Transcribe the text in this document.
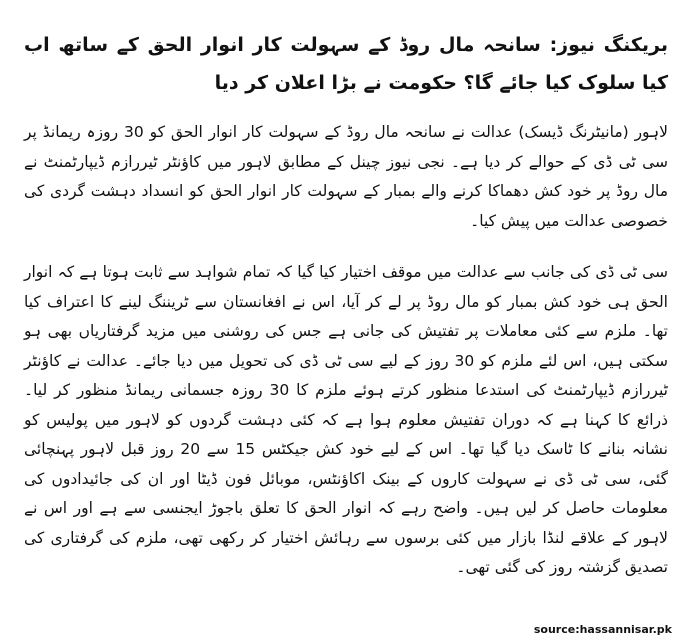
بریکنگ نیوز: سانحہ مال روڈ کے سہولت کار انوار الحق کے ساتھ اب کیا سلوک کیا جائے گا؟ حکومت نے بڑا اعلان کر دیا
لاہور (مانیٹرنگ ڈیسک) عدالت نے سانحہ مال روڈ کے سہولت کار انوار الحق کو 30 روزہ ریمانڈ پر سی ٹی ڈی کے حوالے کر دیا ہے۔ نجی نیوز چینل کے مطابق لاہور میں کاؤنٹر ٹیررازم ڈیپارٹمنٹ نے مال روڈ پر خود کش دھماکا کرنے والے بمبار کے سہولت کار انوار الحق کو انسداد دہشت گردی کی خصوصی عدالت میں پیش کیا۔
سی ٹی ڈی کی جانب سے عدالت میں موقف اختیار کیا گیا کہ تمام شواہد سے ثابت ہوتا ہے کہ انوار الحق ہی خود کش بمبار کو مال روڈ پر لے کر آیا، اس نے افغانستان سے ٹریننگ لینے کا اعتراف کیا تھا۔ ملزم سے کئی معاملات پر تفتیش کی جانی ہے جس کی روشنی میں مزید گرفتاریاں بھی ہو سکتی ہیں، اس لئے ملزم کو 30 روز کے لیے سی ٹی ڈی کی تحویل میں دیا جائے۔ عدالت نے کاؤنٹر ٹیررازم ڈیپارٹمنٹ کی استدعا منظور کرتے ہوئے ملزم کا 30 روزہ جسمانی ریمانڈ منظور کر لیا۔ ذرائع کا کہنا ہے کہ دوران تفتیش معلوم ہوا ہے کہ کئی دہشت گردوں کو لاہور میں پولیس کو نشانہ بنانے کا ٹاسک دیا گیا تھا۔ اس کے لیے خود کش جیکٹس 15 سے 20 روز قبل لاہور پہنچائی گئی، سی ٹی ڈی نے سہولت کاروں کے بینک اکاؤنٹس، موبائل فون ڈیٹا اور ان کی جائیدادوں کی معلومات حاصل کر لیں ہیں۔ واضح رہے کہ انوار الحق کا تعلق باجوڑ ایجنسی سے ہے اور اس نے لاہور کے علاقے لنڈا بازار میں کئی برسوں سے رہائش اختیار کر رکھی تھی، ملزم کی گرفتاری کی تصدیق گزشتہ روز کی گئی تھی۔
source:hassannisar.pk
